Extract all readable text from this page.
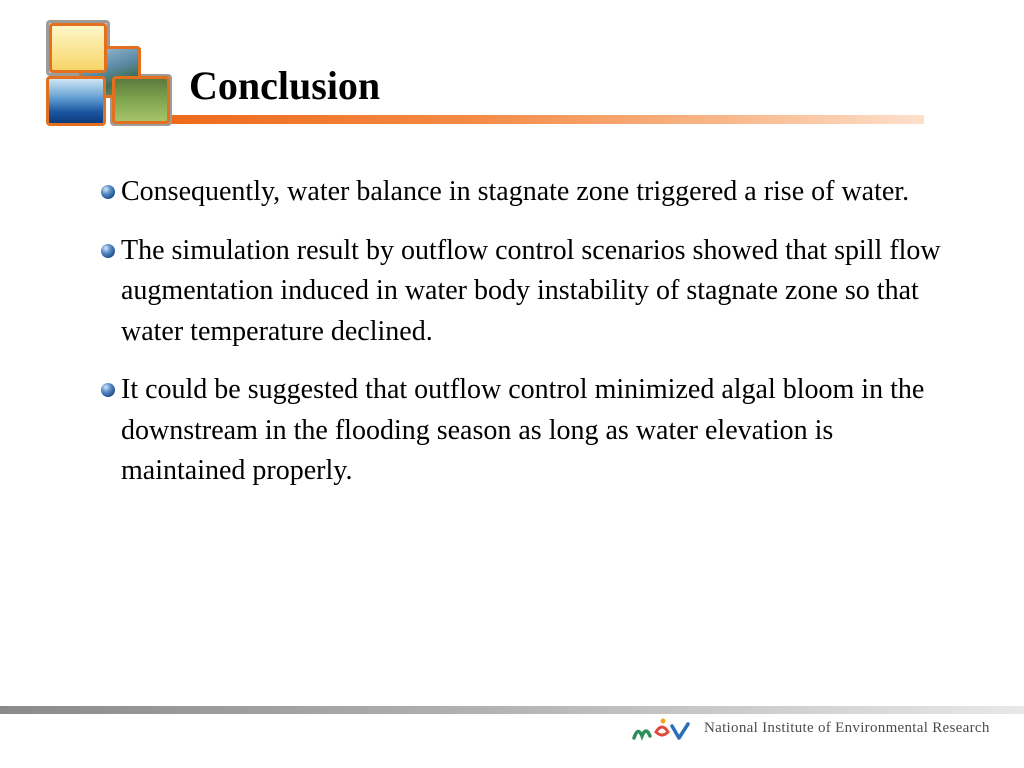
Conclusion
Consequently, water balance in stagnate zone triggered a rise of water.
The simulation result by outflow control scenarios showed that spill flow augmentation induced in water body instability of stagnate zone so that water temperature declined.
It could be suggested that outflow control minimized algal bloom in the downstream in the flooding season as long as water elevation is maintained properly.
National Institute of Environmental Research
